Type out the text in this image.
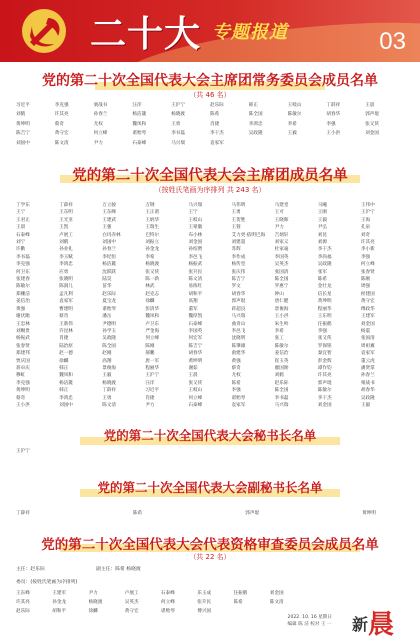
二十大 专题报道	03
党的第二十次全国代表大会主席团常务委员会成员名单
（共 46 名）
习近平	李克强	栗战书	汪洋	王沪宁	赵乐际	韩正	王岐山	丁薛祥	王晨
刘鹤	许其亮	孙春兰	杨洁篪	杨晓渡	陈希	陈全国	陈敏尔	胡春华	郭声琨
黄坤明	蔡奇	尤权	魏凤和	王勇	肖捷	李鸿忠	李希	李强	张又侠
陈吉宁	黄守宏	何立峰	谌贻琴	李书磊	李干杰	吴政隆	王毅	王小洪	刘金国
刘国中	陈文清	尹力	石泰峰	马兴瑞	袁家军
党的第二十次全国代表大会主席团成员名单
（按姓氏笔画为序排列 共 243 名）
丁学东	丁薛祥	万立骏	万钢	马兴瑞	马伟明	马建堂	马飚	王伟中
王宁	王东明	王东峰	王正谱	王宁	王勇	王可	王刚	王沪宁
王君正	王光亚	王建武	王炳华	王岐山	王贺胜	王晓晖	王毅	王海
王晨	王凯	王强	王瑞生	王蒙徽	王蓉	尹力	尹弘	孔泉
石泰峰	卢展工	白玛赤林	巴特尔	布小林	艾力更·依明巴海	吉炳轩	刘昆	刘奇
刘宁	刘鹤	刘国中	刘振立	刘金国	刘建超	刘家义	刘源	许其亮
许勤	孙业礼	孙春兰	孙金龙	孙绍骋	苏辉	杜家毫	李干杰	李小新
李书磊	李玉赋	李纪恒	李希	李邑飞	李作成	李国英	李尚福	李强
李克强	李鸿忠	杨洁篪	杨晓渡	杨振武	杨传堂	吴英杰	吴政隆	何立峰
何卫东	应勇	沈跃跃	张又侠	张升民	张庆伟	张国清	张军	张春贤
张建春	张晓明	陆昊	陈一新	陈文清	陈吉宁	陈全国	陈希	陈刚
陈敏尔	陈润儿	苗华	林武	易炼红	罗文	罗惠宁	金壮龙	周强
郑栅洁	孟凡利	赵乐际	赵克志	胡和平	胡春华	钟山	信长星	侯建国
姜信治	袁家军	夏宝龙	徐麟	高翔	郭声琨	唐仁健	黄坤明	黄守宏
黄强	曹建明	谌贻琴	彭清华	董军	蒋超良	景俊海	程丽华	傅政华
谢伏瞻	蔡奇	潘岳	魏凤和	魏厚凯	马兴瑞	王小洪	王东明	王建军
王忠林	王新伟	尹德明	卢卫东	石泰峰	曲青山	朱生岭	任振鹤	刘金国
刘赐贵	许昆林	孙学玉	严金海	李国英	李邑飞	李希	李强	杨震
杨振武	肖捷	吴政隆	何立峰	何宏军	沈晓明	张工	张又侠	张国清
张春贤	陆治原	陈全国	陈刚	陈吉宁	陈肇雄	陈敏尔	罗保铭	周祖翼
郑建邦	赵一德	赵刚	郝鹏	胡春华	俞建华	姜信治	秦宜智	袁家军
贾庆国	徐麟	高翔	唐一军	黄坤明	黄强	崔玉英	彭金辉	董云虎
蒋卓庆	韩正	景俊海	程丽华	谢茹	蔡奇	廖国勋	谭作钧	潘贤掌
穆虹	魏凤和	王毅	王沪宁	王晨	尤权	刘鹤	许其亮	孙春兰
李克强	杨洁篪	杨晓渡	汪洋	张又侠	陈希	赵乐际	郭声琨	栗战书
黄坤明	韩正	丁薛祥	习近平	王岐山	李强	陈全国	陈敏尔	胡春华
蔡奇	李鸿忠	王勇	肖捷	何立峰	谌贻琴	李书磊	李干杰	吴政隆
王小洪	刘国中	陈文清	尹力	石泰峰	袁家军	马兴瑞	刘金国	王毅
党的第二十次全国代表大会秘书长名单
王沪宁
党的第二十次全国代表大会副秘书长名单
丁薛祥	陈希	郭声琨	黄坤明
党的第二十次全国代表大会代表资格审查委员会成员名单
（共 22 名）
主任：赵乐际	副主任：陈希 杨晓渡
委员：(按姓氏笔画为序排列)
王东峰	王建军	尹力	卢展工	石泰峰	乐玉成	任振鹤	刘金国
许其亮	孙金龙	杨晓渡	吴英杰	何立峰	张升民	陈希	陈文清
赵乐际	胡和平	徐麟	黄守宏	谌贻琴	傅兴国
2022. 10. 16 星期日
编辑 陈 洁 校对 王 一 新 晨
